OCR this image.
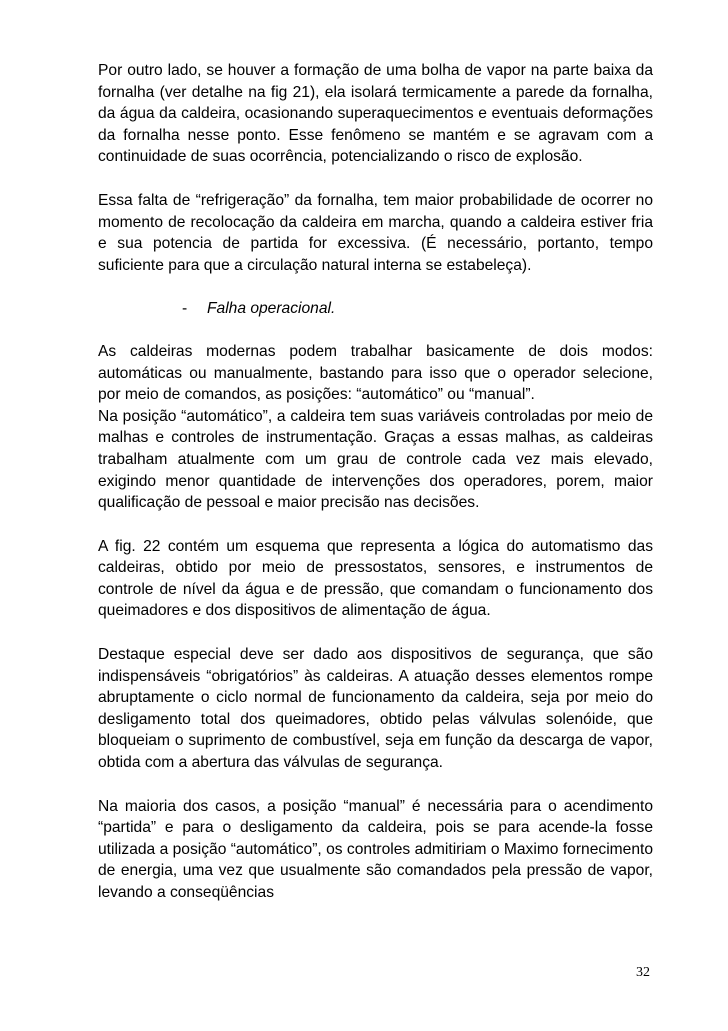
Por outro lado, se houver a formação de uma bolha de vapor na parte baixa da fornalha (ver detalhe na fig 21), ela isolará termicamente a parede da fornalha, da água da caldeira, ocasionando superaquecimentos e eventuais deformações da fornalha nesse ponto. Esse fenômeno se mantém e se agravam com a continuidade de suas ocorrência, potencializando o risco de explosão.

Essa falta de “refrigeração” da fornalha, tem maior probabilidade de ocorrer no momento de recolocação da caldeira em marcha, quando a caldeira estiver fria e sua potencia de partida for excessiva. (É necessário, portanto, tempo suficiente para que a circulação natural interna se estabeleça).

- Falha operacional.

As caldeiras modernas podem trabalhar basicamente de dois modos: automáticas ou manualmente, bastando para isso que o operador selecione, por meio de comandos, as posições: “automático” ou “manual”.

Na posição “automático”, a caldeira tem suas variáveis controladas por meio de malhas e controles de instrumentação. Graças a essas malhas, as caldeiras trabalham atualmente com um grau de controle cada vez mais elevado, exigindo menor quantidade de intervenções dos operadores, porem, maior qualificação de pessoal e maior precisão nas decisões.

A fig. 22 contém um esquema que representa a lógica do automatismo das caldeiras, obtido por meio de pressostatos, sensores, e instrumentos de controle de nível da água e de pressão, que comandam o funcionamento dos queimadores e dos dispositivos de alimentação de água.

Destaque especial deve ser dado aos dispositivos de segurança, que são indispensáveis “obrigatórios” às caldeiras. A atuação desses elementos rompe abruptamente o ciclo normal de funcionamento da caldeira, seja por meio do desligamento total dos queimadores, obtido pelas válvulas solenóide, que bloqueiam o suprimento de combustível, seja em função da descarga de vapor, obtida com a abertura das válvulas de segurança.

Na maioria dos casos, a posição “manual” é necessária para o acendimento “partida” e para o desligamento da caldeira, pois se para acende-la fosse utilizada a posição “automático”, os controles admitiriam o Maximo fornecimento de energia, uma vez que usualmente são comandados pela pressão de vapor, levando a conseqüências

32
